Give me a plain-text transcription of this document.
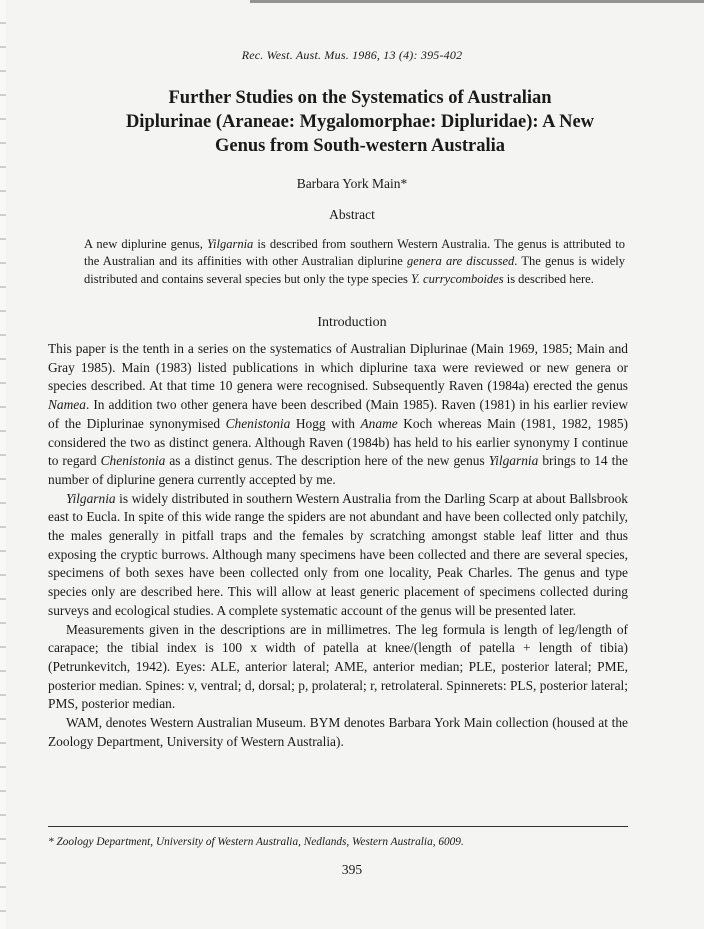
Rec. West. Aust. Mus. 1986, 13 (4): 395-402
Further Studies on the Systematics of Australian
Diplurinae (Araneae: Mygalomorphae: Dipluridae): A New
Genus from South-western Australia
Barbara York Main*
Abstract
A new diplurine genus, Yilgarnia is described from southern Western Australia. The genus is attributed to the Australian and its affinities with other Australian diplurine genera are discussed. The genus is widely distributed and contains several species but only the type species Y. currycomboides is described here.
Introduction

This paper is the tenth in a series on the systematics of Australian Diplurinae (Main 1969, 1985; Main and Gray 1985). Main (1983) listed publications in which diplurine taxa were reviewed or new genera or species described. At that time 10 genera were recognised. Subsequently Raven (1984a) erected the genus Namea. In addition two other genera have been described (Main 1985). Raven (1981) in his earlier review of the Diplurinae synonymised Chenistonia Hogg with Aname Koch whereas Main (1981, 1982, 1985) considered the two as distinct genera. Although Raven (1984b) has held to his earlier synonymy I continue to regard Chenistonia as a distinct genus. The description here of the new genus Yilgarnia brings to 14 the number of diplurine genera currently accepted by me.

Yilgarnia is widely distributed in southern Western Australia from the Darling Scarp at about Ballsbrook east to Eucla. In spite of this wide range the spiders are not abundant and have been collected only patchily, the males generally in pitfall traps and the females by scratching amongst stable leaf litter and thus exposing the cryptic burrows. Although many specimens have been collected and there are several species, specimens of both sexes have been collected only from one locality, Peak Charles. The genus and type species only are described here. This will allow at least generic placement of specimens collected during surveys and ecological studies. A complete systematic account of the genus will be presented later.

Measurements given in the descriptions are in millimetres. The leg formula is length of leg/length of carapace; the tibial index is 100 x width of patella at knee/(length of patella + length of tibia) (Petrunkevitch, 1942). Eyes: ALE, anterior lateral; AME, anterior median; PLE, posterior lateral; PME, posterior median. Spines: v, ventral; d, dorsal; p, prolateral; r, retrolateral. Spinnerets: PLS, posterior lateral; PMS, posterior median.

WAM, denotes Western Australian Museum. BYM denotes Barbara York Main collection (housed at the Zoology Department, University of Western Australia).

* Zoology Department, University of Western Australia, Nedlands, Western Australia, 6009.
395
